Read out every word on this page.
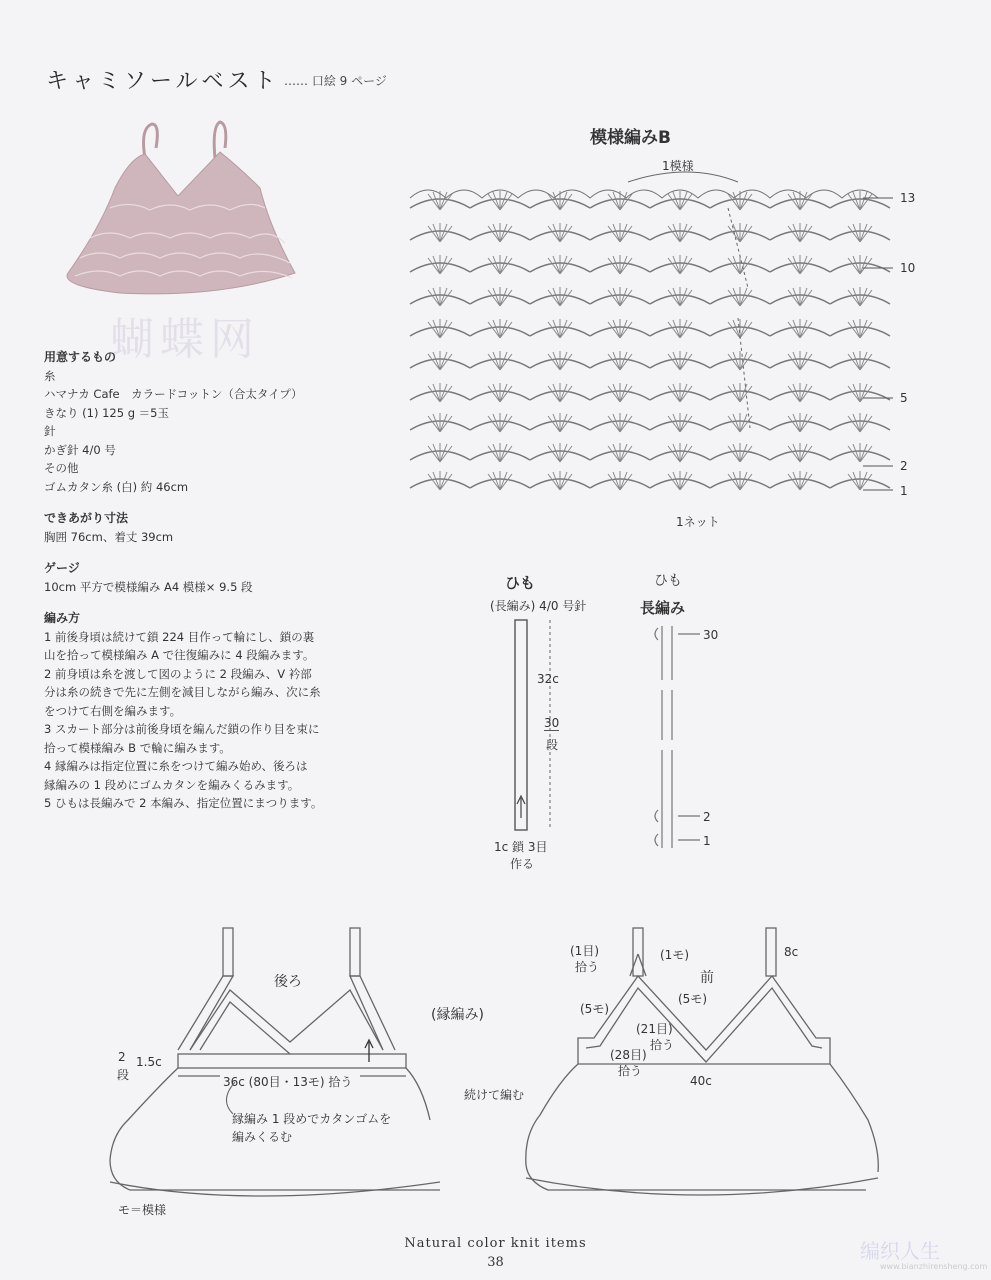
蝴蝶网
编织人生
www.bianzhirensheng.com
キャミソールベスト …… 口絵 9 ページ
模様編みB
1模様
1ネット
13
10
5
2
1
用意するもの
糸
ハマナカ Cafe　カラードコットン（合太タイプ）
きなり (1) 125 g ＝5玉
針
かぎ針 4/0 号
その他
ゴムカタン糸 (白) 約 46cm
できあがり寸法
胸囲 76cm、着丈 39cm
ゲージ
10cm 平方で模様編み A4 模様× 9.5 段
編み方
1 前後身頃は続けて鎖 224 目作って輪にし、鎖の裏
山を拾って模様編み A で往復編みに 4 段編みます。
2 前身頃は糸を渡して図のように 2 段編み、V 衿部
分は糸の続きで先に左側を減目しながら編み、次に糸
をつけて右側を編みます。
3 スカート部分は前後身頃を編んだ鎖の作り目を束に
拾って模様編み B で輪に編みます。
4 縁編みは指定位置に糸をつけて編み始め、後ろは
縁編みの 1 段めにゴムカタンを編みくるみます。
5 ひもは長編みで 2 本編み、指定位置にまつります。
ひも
(長編み) 4/0 号針
32c
30
段
1c 鎖 3目
作る
ひも
長編み
30
2
1
後ろ
(縁編み)
2
段
1.5c
36c (80目・13モ) 拾う
縁編み 1 段めでカタンゴムを
編みくるむ
前
(1目)
拾う
(1モ)
(5モ)
(5モ)
(21目)
拾う
(28目)
拾う
40c
8c
続けて編む
モ＝模様
Natural color knit items
38
